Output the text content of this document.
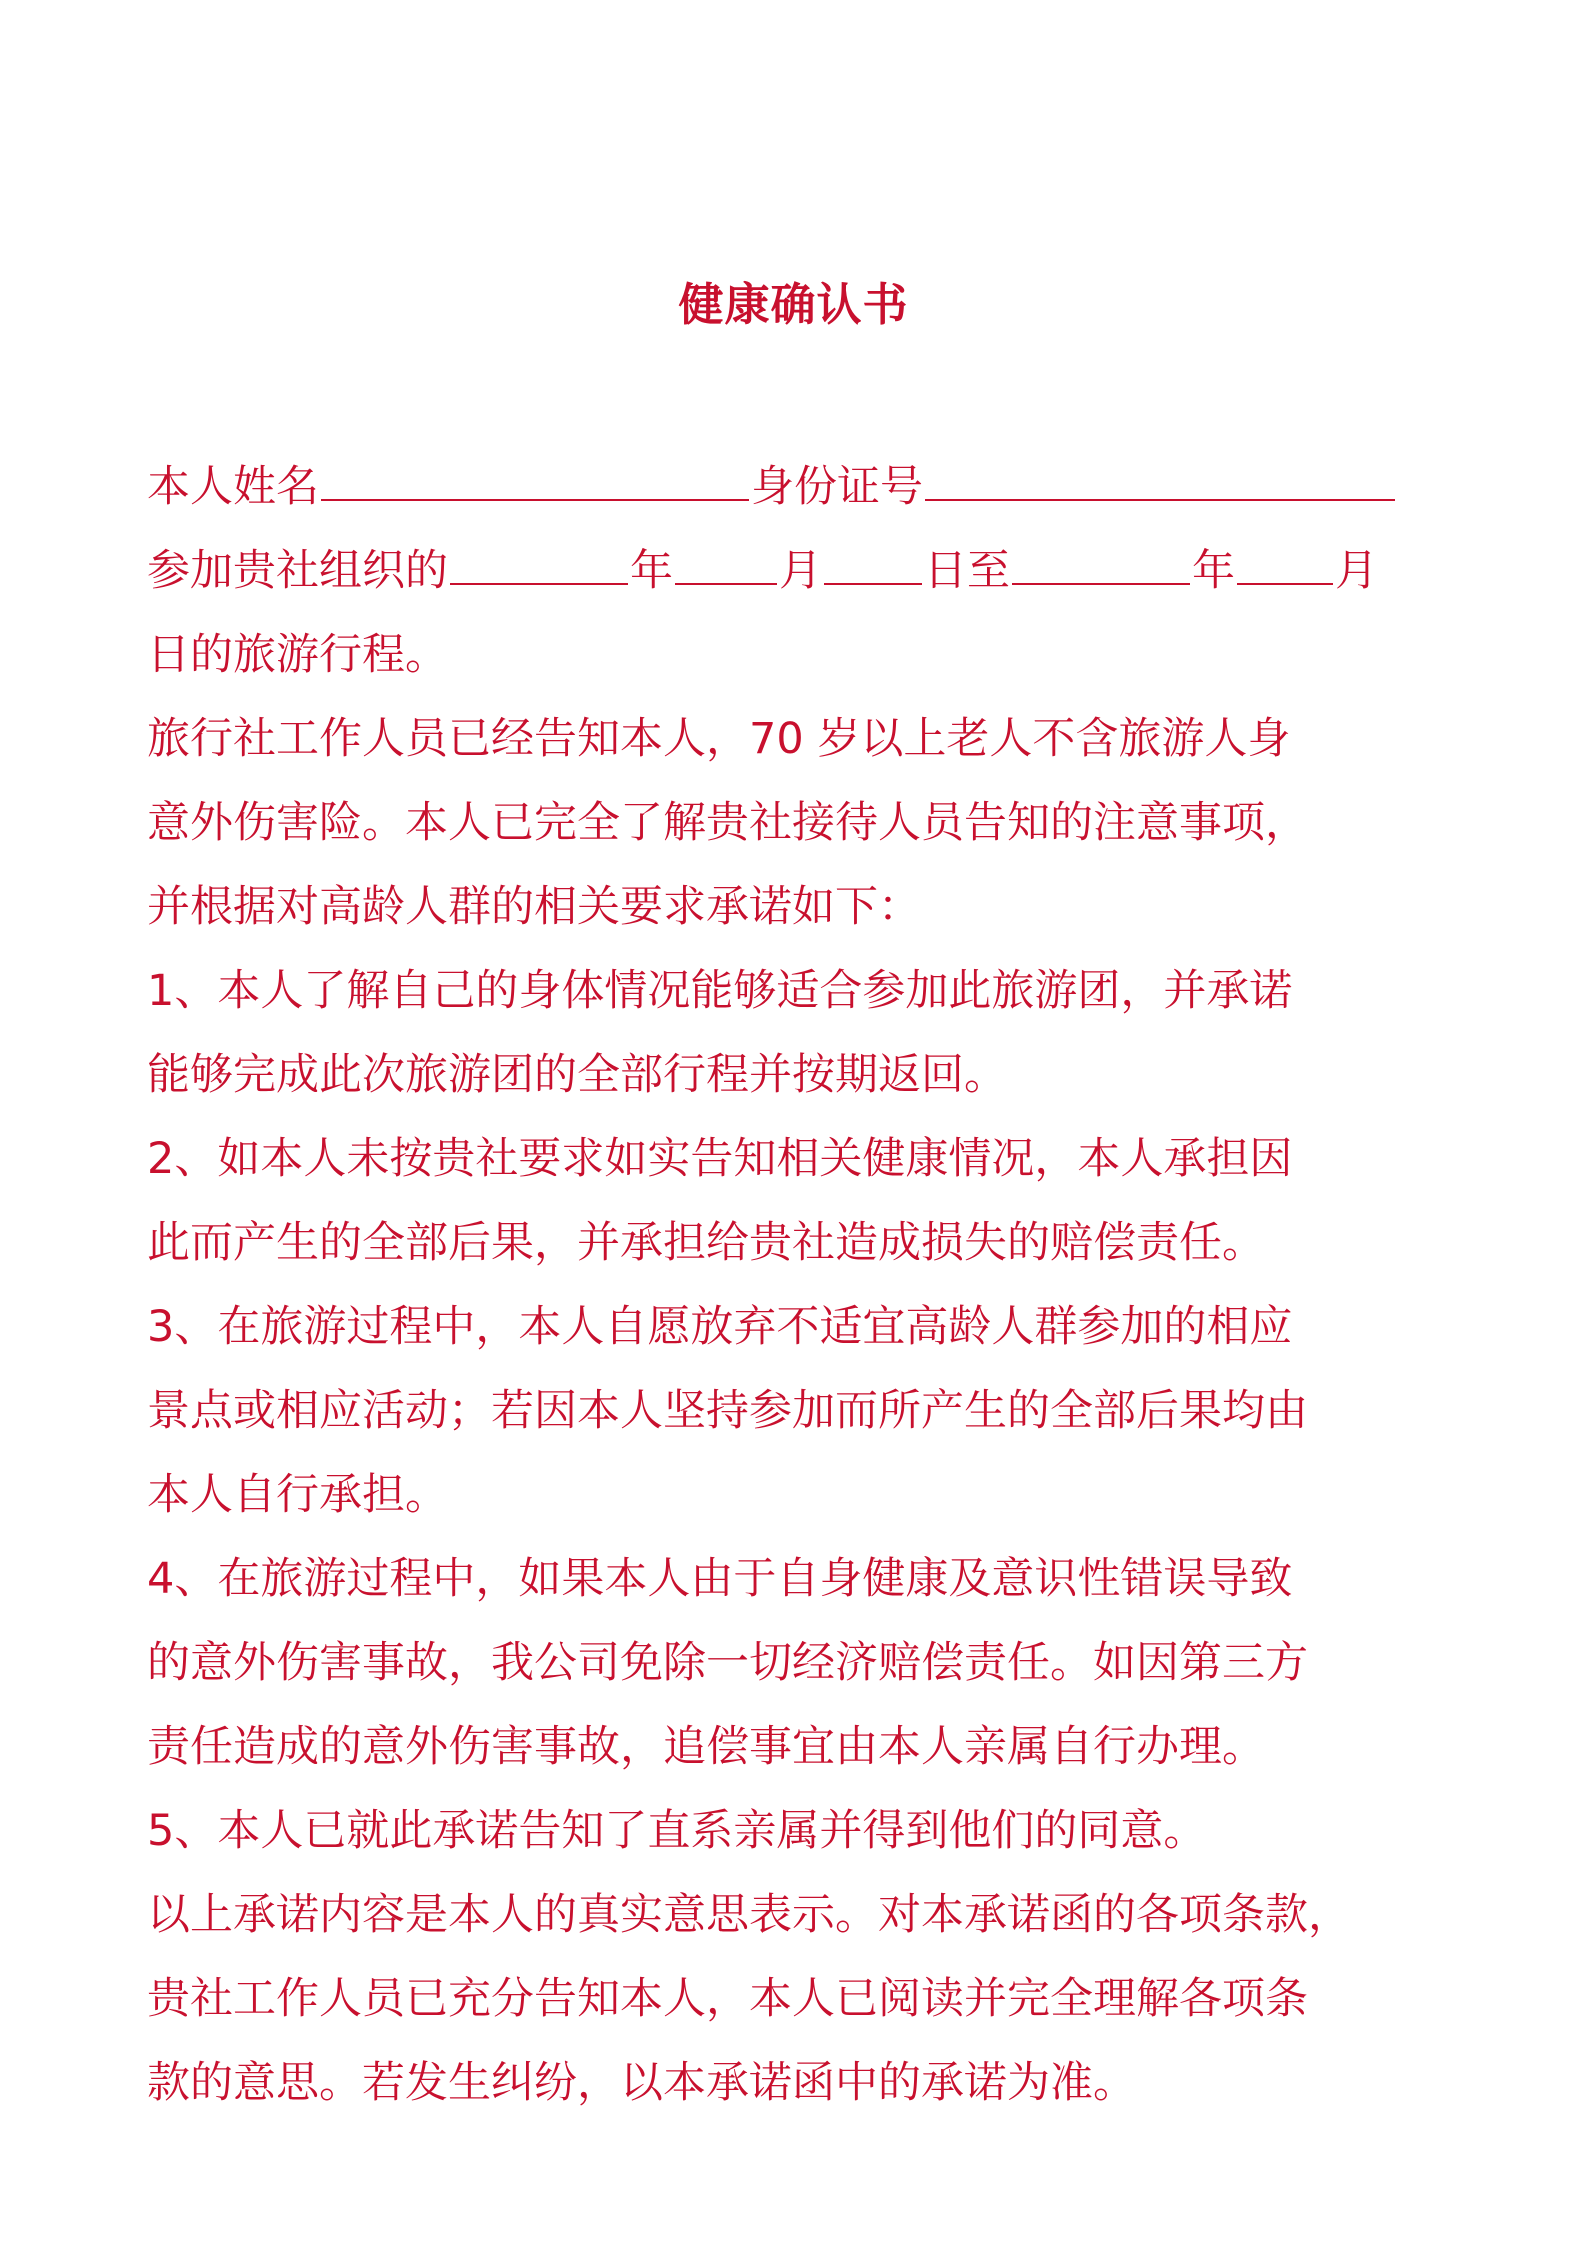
健康确认书
本人姓名	身份证号
参加贵社组织的	年 月 日至	年 月
日的旅游行程。
旅行社工作人员已经告知本人，70 岁以上老人不含旅游人身
意外伤害险。本人已完全了解贵社接待人员告知的注意事项，
并根据对高龄人群的相关要求承诺如下：
1、本人了解自己的身体情况能够适合参加此旅游团，并承诺
能够完成此次旅游团的全部行程并按期返回。
2、如本人未按贵社要求如实告知相关健康情况，本人承担因
此而产生的全部后果，并承担给贵社造成损失的赔偿责任。
3、在旅游过程中，本人自愿放弃不适宜高龄人群参加的相应
景点或相应活动；若因本人坚持参加而所产生的全部后果均由
本人自行承担。
4、在旅游过程中，如果本人由于自身健康及意识性错误导致
的意外伤害事故，我公司免除一切经济赔偿责任。如因第三方
责任造成的意外伤害事故，追偿事宜由本人亲属自行办理。
5、本人已就此承诺告知了直系亲属并得到他们的同意。
以上承诺内容是本人的真实意思表示。对本承诺函的各项条款，
贵社工作人员已充分告知本人，本人已阅读并完全理解各项条
款的意思。若发生纠纷，以本承诺函中的承诺为准。
